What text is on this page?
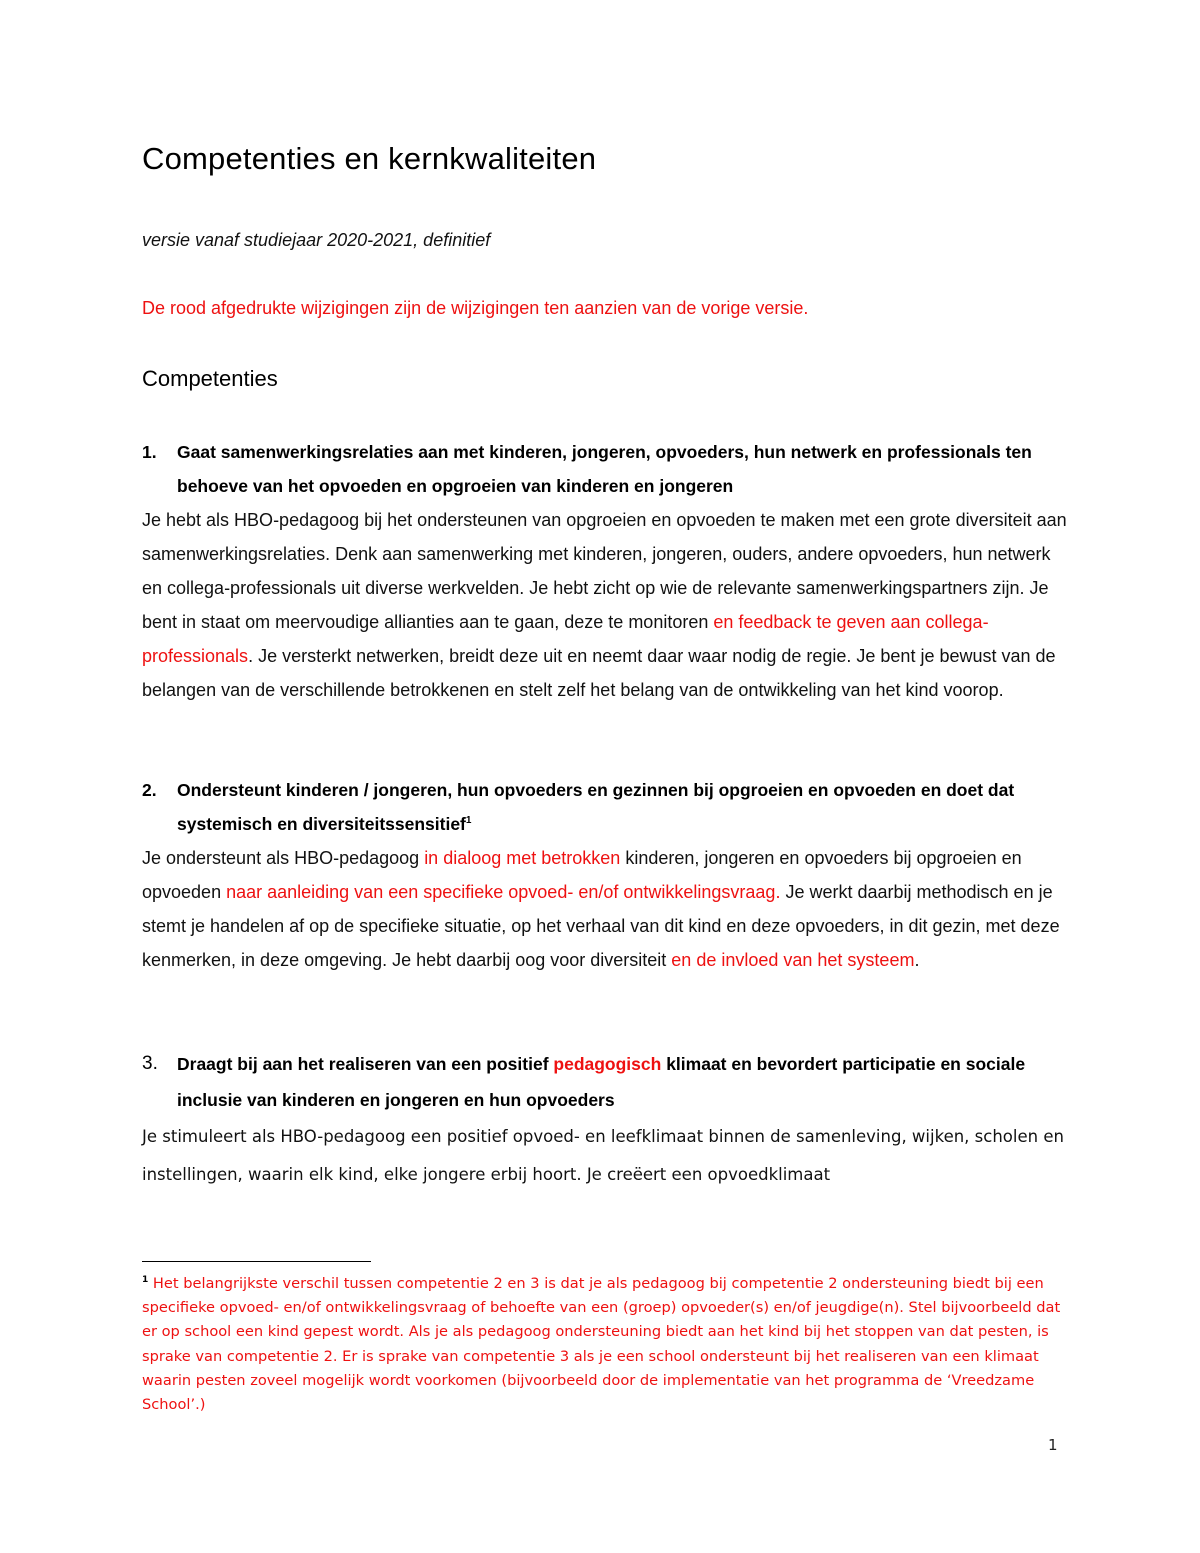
Competenties en kernkwaliteiten

versie vanaf studiejaar 2020-2021, definitief

De rood afgedrukte wijzigingen zijn de wijzigingen ten aanzien van de vorige versie.

Competenties

1. Gaat samenwerkingsrelaties aan met kinderen, jongeren, opvoeders, hun netwerk en professionals ten behoeve van het opvoeden en opgroeien van kinderen en jongeren

Je hebt als HBO-pedagoog bij het ondersteunen van opgroeien en opvoeden te maken met een grote diversiteit aan samenwerkingsrelaties. Denk aan samenwerking met kinderen, jongeren, ouders, andere opvoeders, hun netwerk en collega-professionals uit diverse werkvelden. Je hebt zicht op wie de relevante samenwerkingspartners zijn. Je bent in staat om meervoudige allianties aan te gaan, deze te monitoren en feedback te geven aan collega-professionals. Je versterkt netwerken, breidt deze uit en neemt daar waar nodig de regie. Je bent je bewust van de belangen van de verschillende betrokkenen en stelt zelf het belang van de ontwikkeling van het kind voorop.

2. Ondersteunt kinderen / jongeren, hun opvoeders en gezinnen bij opgroeien en opvoeden en doet dat systemisch en diversiteitssensitief$^1$

Je ondersteunt als HBO-pedagoog in dialoog met betrokken kinderen, jongeren en opvoeders bij opgroeien en opvoeden naar aanleiding van een specifieke opvoed- en/of ontwikkelingsvraag. Je werkt daarbij methodisch en je stemt je handelen af op de specifieke situatie, op het verhaal van dit kind en deze opvoeders, in dit gezin, met deze kenmerken, in deze omgeving. Je hebt daarbij oog voor diversiteit en de invloed van het systeem.

3. Draagt bij aan het realiseren van een positief pedagogisch klimaat en bevordert participatie en sociale inclusie van kinderen en jongeren en hun opvoeders

Je stimuleert als HBO-pedagoog een positief opvoed- en leefklimaat binnen de samenleving, wijken, scholen en instellingen, waarin elk kind, elke jongere erbij hoort. Je creëert een opvoedklimaat

$^1$ Het belangrijkste verschil tussen competentie 2 en 3 is dat je als pedagoog bij competentie 2 ondersteuning biedt bij een specifieke opvoed- en/of ontwikkelingsvraag of behoefte van een (groep) opvoeder(s) en/of jeugdige(n). Stel bijvoorbeeld dat er op school een kind gepest wordt. Als je als pedagoog ondersteuning biedt aan het kind bij het stoppen van dat pesten, is sprake van competentie 2. Er is sprake van competentie 3 als je een school ondersteunt bij het realiseren van een klimaat waarin pesten zoveel mogelijk wordt voorkomen (bijvoorbeeld door de implementatie van het programma de ‘Vreedzame School’.)

1
